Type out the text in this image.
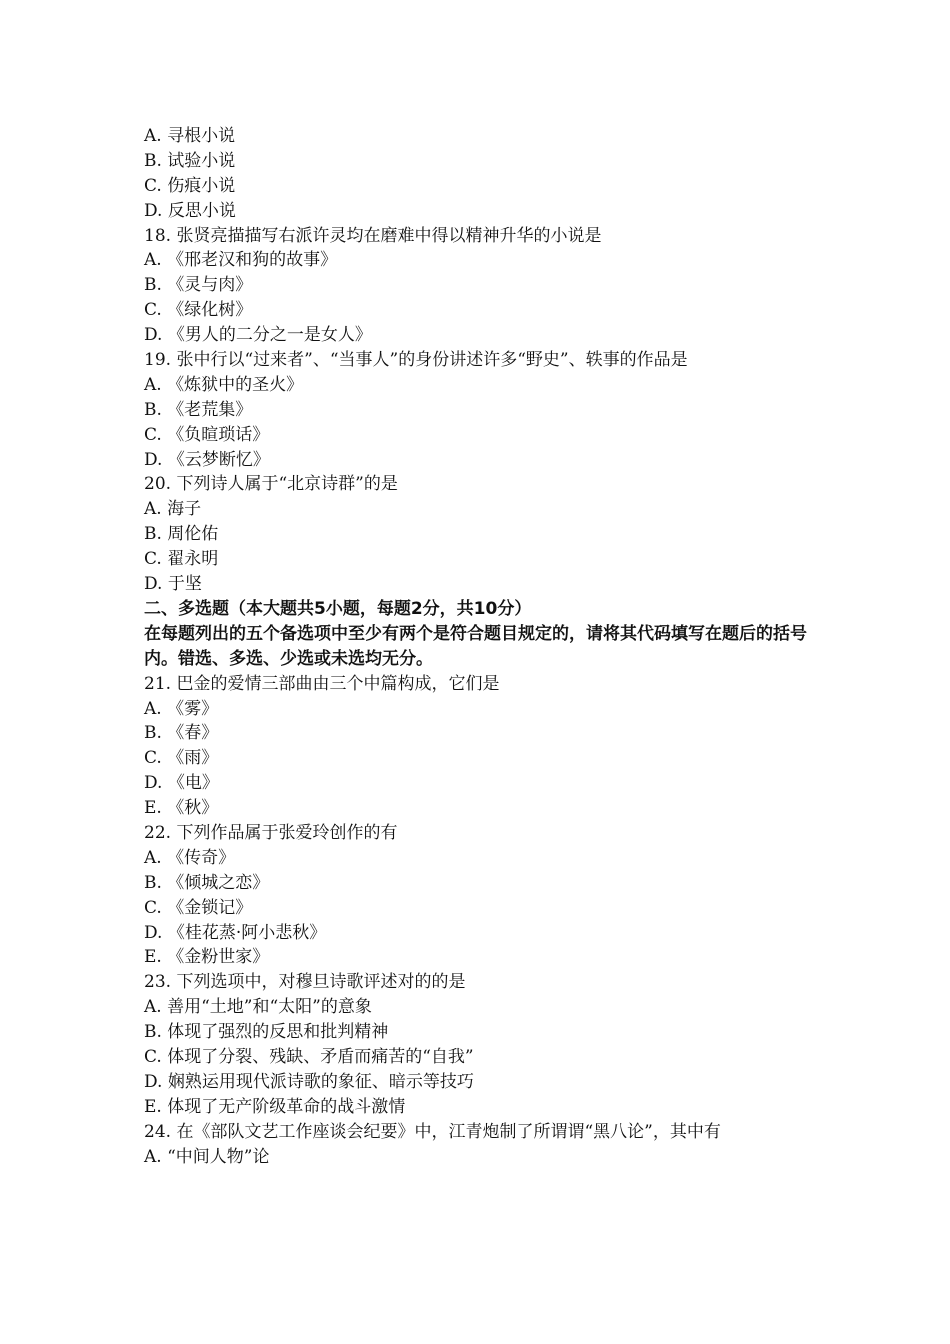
A. 寻根小说

B. 试验小说

C. 伤痕小说

D. 反思小说

18. 张贤亮描描写右派许灵均在磨难中得以精神升华的小说是

A. 《邢老汉和狗的故事》

B. 《灵与肉》

C. 《绿化树》

D. 《男人的二分之一是女人》

19. 张中行以“过来者”、“当事人”的身份讲述许多“野史”、轶事的作品是

A. 《炼狱中的圣火》

B. 《老荒集》

C. 《负暄琐话》

D. 《云梦断忆》

20. 下列诗人属于“北京诗群”的是

A. 海子

B. 周伦佑

C. 翟永明

D. 于坚

二、多选题（本大题共5小题，每题2分，共10分）

在每题列出的五个备选项中至少有两个是符合题目规定的，请将其代码填写在题后的括号内。错选、多选、少选或未选均无分。

21. 巴金的爱情三部曲由三个中篇构成，它们是

A. 《雾》

B. 《春》

C. 《雨》

D. 《电》

E. 《秋》

22. 下列作品属于张爱玲创作的有

A. 《传奇》

B. 《倾城之恋》

C. 《金锁记》

D. 《桂花蒸·阿小悲秋》

E. 《金粉世家》

23. 下列选项中，对穆旦诗歌评述对的的是

A. 善用“土地”和“太阳”的意象

B. 体现了强烈的反思和批判精神

C. 体现了分裂、残缺、矛盾而痛苦的“自我”

D. 娴熟运用现代派诗歌的象征、暗示等技巧

E. 体现了无产阶级革命的战斗激情

24. 在《部队文艺工作座谈会纪要》中，江青炮制了所谓谓“黑八论”，其中有

A. “中间人物”论
